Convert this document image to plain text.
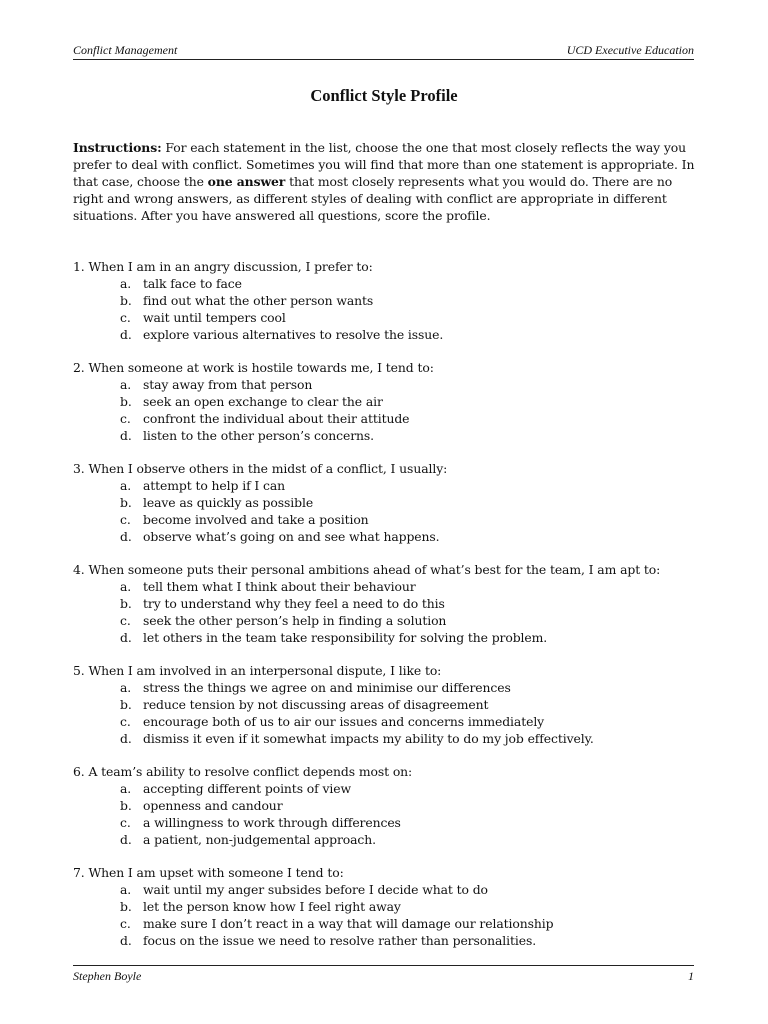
Conflict Management	UCD Executive Education
Conflict Style Profile
Instructions: For each statement in the list, choose the one that most closely reflects the way you
prefer to deal with conflict. Sometimes you will find that more than one statement is appropriate. In
that case, choose the one answer that most closely represents what you would do. There are no
right and wrong answers, as different styles of dealing with conflict are appropriate in different
situations. After you have answered all questions, score the profile.
1. When I am in an angry discussion, I prefer to:
a. talk face to face
b. find out what the other person wants
c. wait until tempers cool
d. explore various alternatives to resolve the issue.
2. When someone at work is hostile towards me, I tend to:
a. stay away from that person
b. seek an open exchange to clear the air
c. confront the individual about their attitude
d. listen to the other person’s concerns.
3. When I observe others in the midst of a conflict, I usually:
a. attempt to help if I can
b. leave as quickly as possible
c. become involved and take a position
d. observe what’s going on and see what happens.
4. When someone puts their personal ambitions ahead of what’s best for the team, I am apt to:
a. tell them what I think about their behaviour
b. try to understand why they feel a need to do this
c. seek the other person’s help in finding a solution
d. let others in the team take responsibility for solving the problem.
5. When I am involved in an interpersonal dispute, I like to:
a. stress the things we agree on and minimise our differences
b. reduce tension by not discussing areas of disagreement
c. encourage both of us to air our issues and concerns immediately
d. dismiss it even if it somewhat impacts my ability to do my job effectively.
6. A team’s ability to resolve conflict depends most on:
a. accepting different points of view
b. openness and candour
c. a willingness to work through differences
d. a patient, non-judgemental approach.
7. When I am upset with someone I tend to:
a. wait until my anger subsides before I decide what to do
b. let the person know how I feel right away
c. make sure I don’t react in a way that will damage our relationship
d. focus on the issue we need to resolve rather than personalities.
Stephen Boyle	1
